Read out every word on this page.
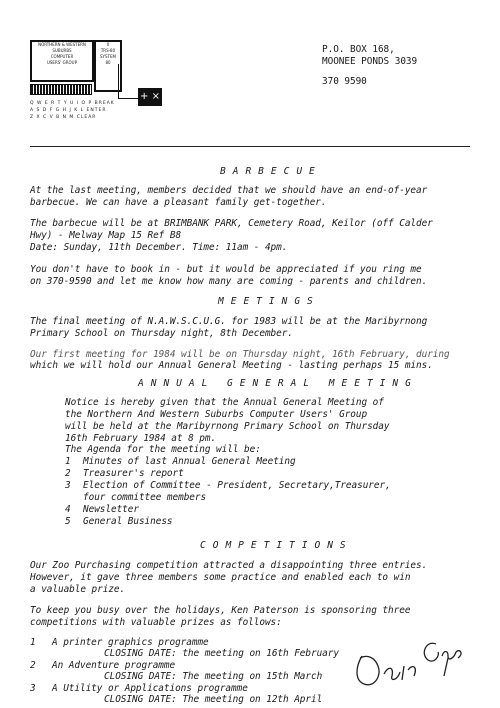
NORTHERN & WESTERN
SUBURBS
COMPUTER
USERS' GROUP
II
TRS-80
SYSTEM
80
+ ×
Q W E R T Y U I O P BREAK
A S D F G H J K L ENTER
Z X C V B N M CLEAR
P.O. BOX 168,
MOONEE PONDS 3039
370 9590
BARBECUE
At the last meeting, members decided that we should have an end-of-year
barbecue. We can have a pleasant family get-together.
The barbecue will be at BRIMBANK PARK, Cemetery Road, Keilor (off Calder
Hwy) - Melway Map 15 Ref B8
Date: Sunday, 11th December. Time: 11am - 4pm.
You don't have to book in - but it would be appreciated if you ring me
on 370-9590 and let me know how many are coming - parents and children.
MEETINGS
The final meeting of N.A.W.S.C.U.G. for 1983 will be at the Maribyrnong
Primary School on Thursday night, 8th December.
Our first meeting for 1984 will be on Thursday night, 16th February, during
which we will hold our Annual General Meeting - lasting perhaps 15 mins.
ANNUAL GENERAL MEETING
Notice is hereby given that the Annual General Meeting of
the Northern And Western Suburbs Computer Users' Group
will be held at the Maribyrnong Primary School on Thursday
16th February 1984 at 8 pm.
The Agenda for the meeting will be:
1 Minutes of last Annual General Meeting
2 Treasurer's report
3 Election of Committee - President, Secretary,Treasurer,
four committee members
4 Newsletter
5 General Business
COMPETITIONS
Our Zoo Purchasing competition attracted a disappointing three entries.
However, it gave three members some practice and enabled each to win
a valuable prize.
To keep you busy over the holidays, Ken Paterson is sponsoring three
competitions with valuable prizes as follows:
1 A printer graphics programme
CLOSING DATE: the meeting on 16th February
2 An Adventure programme
CLOSING DATE: The meeting on 15th March
3 A Utility or Applications programme
CLOSING DATE: The meeting on 12th April
